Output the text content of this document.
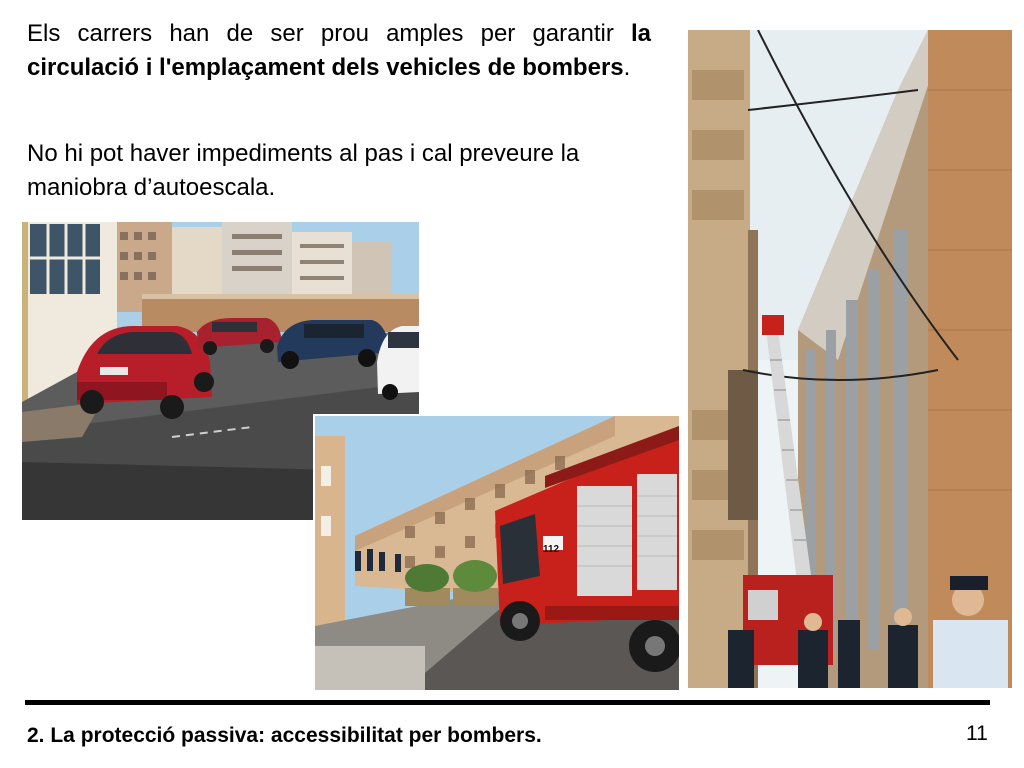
Els carrers han de ser prou amples per garantir la circulació i l'emplaçament dels vehicles de bombers.

No hi pot haver impediments al pas i cal preveure la maniobra d’autoescala.

112
2. La protecció passiva: accessibilitat per bombers.	11
